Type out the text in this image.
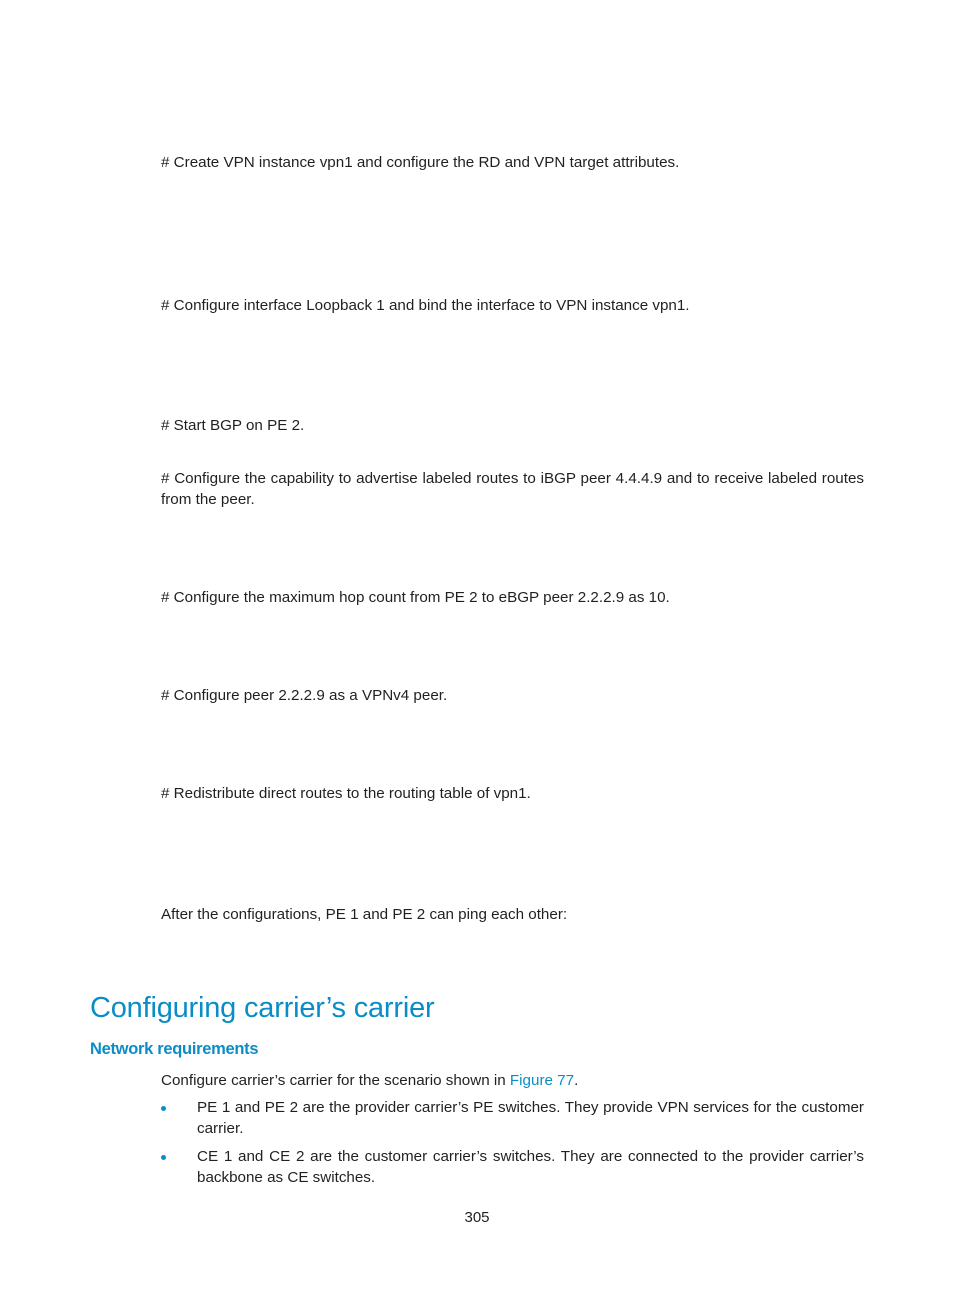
# Create VPN instance vpn1 and configure the RD and VPN target attributes.

# Configure interface Loopback 1 and bind the interface to VPN instance vpn1.

# Start BGP on PE 2.

# Configure the capability to advertise labeled routes to iBGP peer 4.4.4.9 and to receive labeled routes from the peer.

# Configure the maximum hop count from PE 2 to eBGP peer 2.2.2.9 as 10.

# Configure peer 2.2.2.9 as a VPNv4 peer.

# Redistribute direct routes to the routing table of vpn1.

After the configurations, PE 1 and PE 2 can ping each other:

Configuring carrier’s carrier
Network requirements

Configure carrier’s carrier for the scenario shown in Figure 77.

PE 1 and PE 2 are the provider carrier’s PE switches. They provide VPN services for the customer carrier.
CE 1 and CE 2 are the customer carrier’s switches. They are connected to the provider carrier’s backbone as CE switches.
305
